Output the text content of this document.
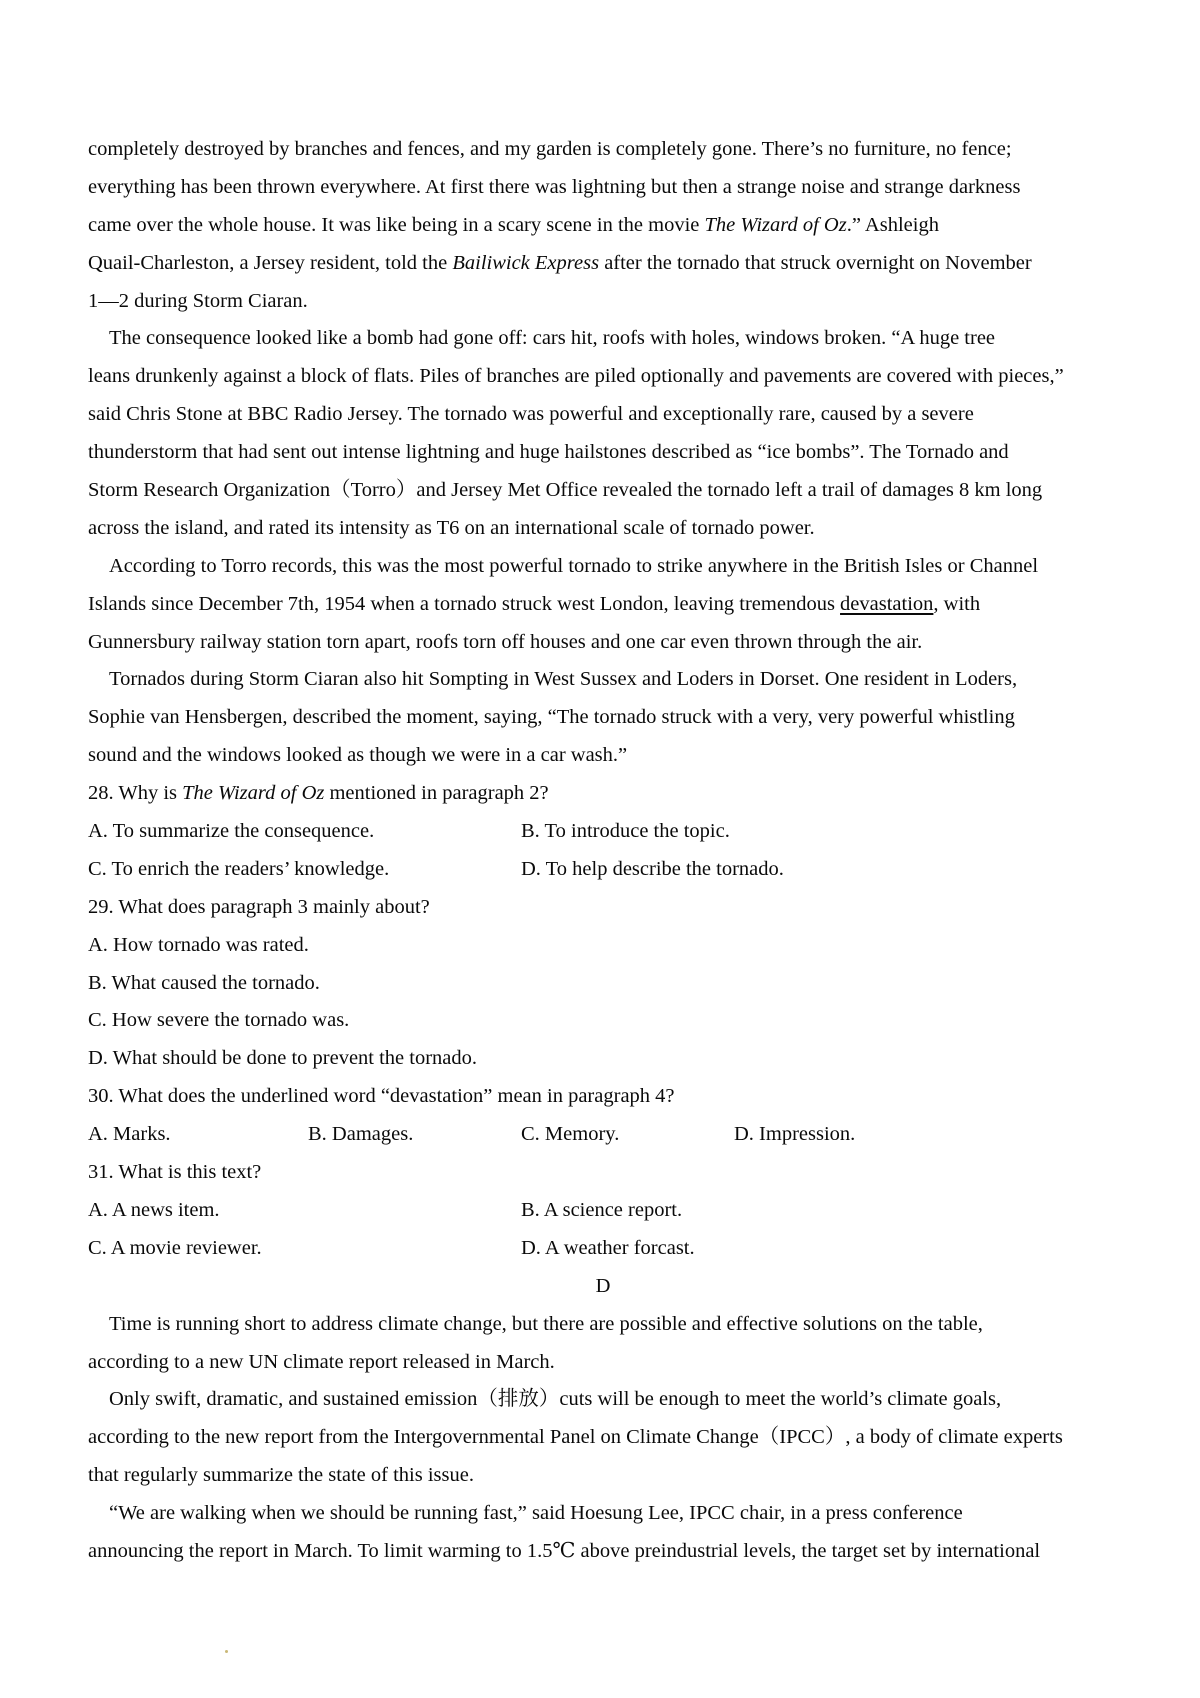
completely destroyed by branches and fences, and my garden is completely gone. There’s no furniture, no fence;
everything has been thrown everywhere. At first there was lightning but then a strange noise and strange darkness
came over the whole house. It was like being in a scary scene in the movie The Wizard of Oz.” Ashleigh
Quail-Charleston, a Jersey resident, told the Bailiwick Express after the tornado that struck overnight on November
1—2 during Storm Ciaran.
The consequence looked like a bomb had gone off: cars hit, roofs with holes, windows broken. “A huge tree
leans drunkenly against a block of flats. Piles of branches are piled optionally and pavements are covered with pieces,”
said Chris Stone at BBC Radio Jersey. The tornado was powerful and exceptionally rare, caused by a severe
thunderstorm that had sent out intense lightning and huge hailstones described as “ice bombs”. The Tornado and
Storm Research Organization（Torro）and Jersey Met Office revealed the tornado left a trail of damages 8 km long
across the island, and rated its intensity as T6 on an international scale of tornado power.
According to Torro records, this was the most powerful tornado to strike anywhere in the British Isles or Channel
Islands since December 7th, 1954 when a tornado struck west London, leaving tremendous devastation, with
Gunnersbury railway station torn apart, roofs torn off houses and one car even thrown through the air.
Tornados during Storm Ciaran also hit Sompting in West Sussex and Loders in Dorset. One resident in Loders,
Sophie van Hensbergen, described the moment, saying, “The tornado struck with a very, very powerful whistling
sound and the windows looked as though we were in a car wash.”
28. Why is The Wizard of Oz mentioned in paragraph 2?
A. To summarize the consequence.	B. To introduce the topic.
C. To enrich the readers’ knowledge.	D. To help describe the tornado.
29. What does paragraph 3 mainly about?
A. How tornado was rated.
B. What caused the tornado.
C. How severe the tornado was.
D. What should be done to prevent the tornado.
30. What does the underlined word “devastation” mean in paragraph 4?
A. Marks.	B. Damages.	C. Memory.	D. Impression.
31. What is this text?
A. A news item.	B. A science report.
C. A movie reviewer.	D. A weather forcast.
D
Time is running short to address climate change, but there are possible and effective solutions on the table,
according to a new UN climate report released in March.
Only swift, dramatic, and sustained emission（排放）cuts will be enough to meet the world’s climate goals,
according to the new report from the Intergovernmental Panel on Climate Change（IPCC）, a body of climate experts
that regularly summarize the state of this issue.
“We are walking when we should be running fast,” said Hoesung Lee, IPCC chair, in a press conference
announcing the report in March. To limit warming to 1.5℃ above preindustrial levels, the target set by international
